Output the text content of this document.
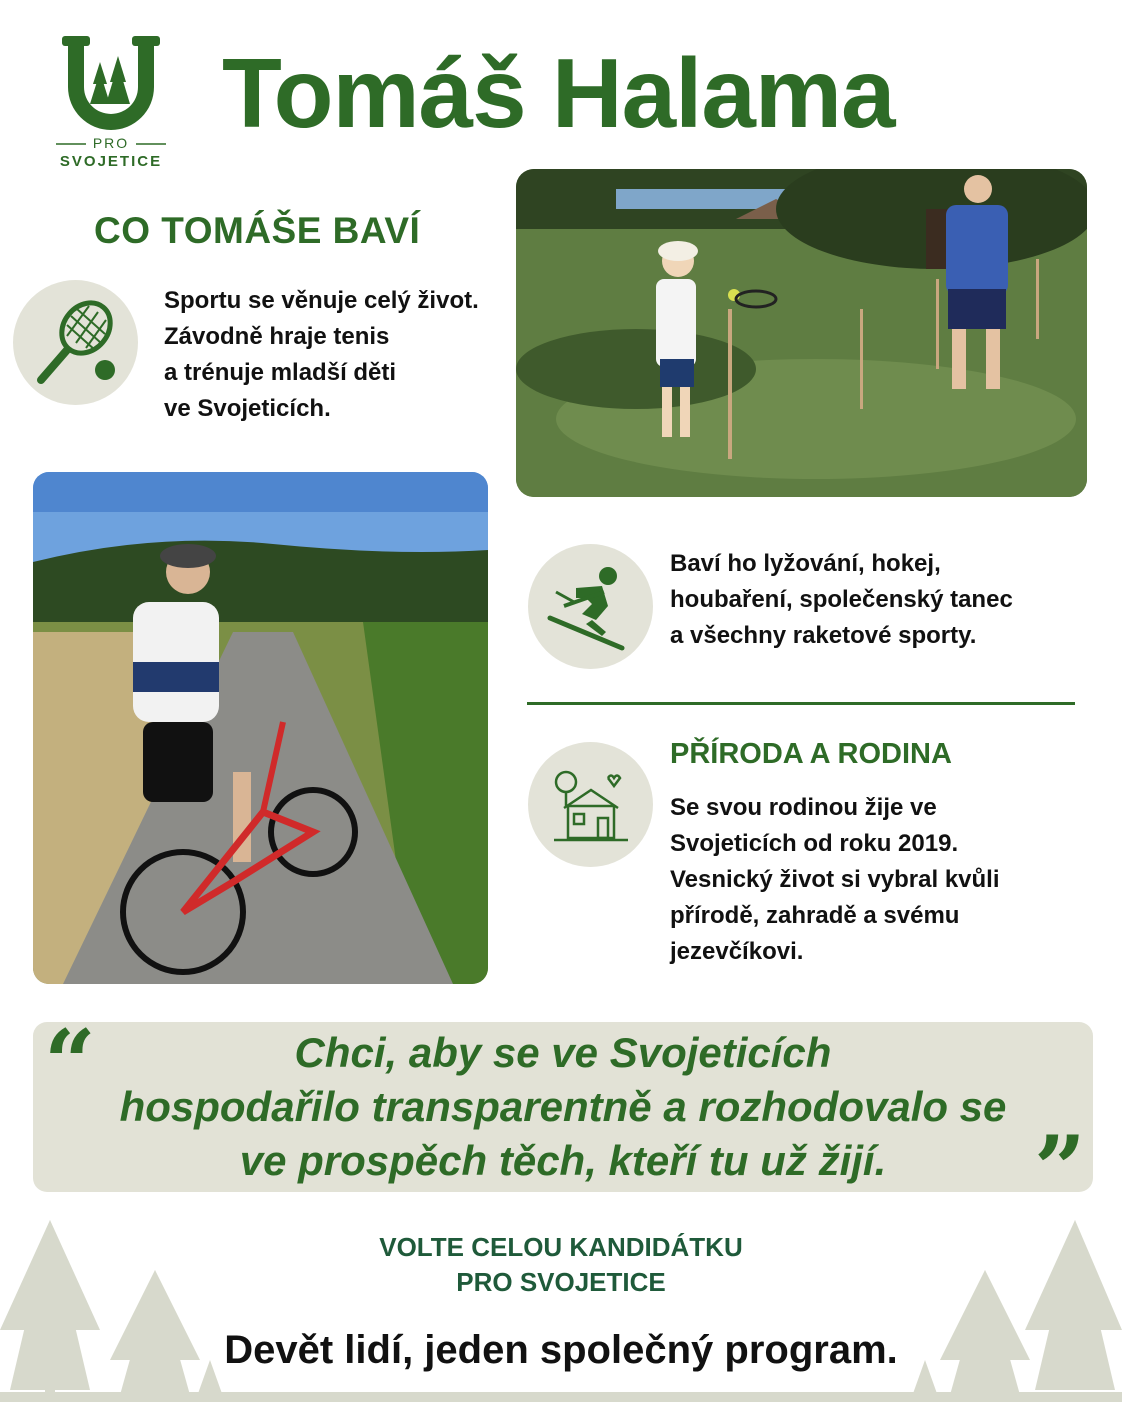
PRO
SVOJETICE
Tomáš Halama
CO TOMÁŠE BAVÍ
Sportu se věnuje celý život.
Závodně hraje tenis
a trénuje mladší děti
ve Svojeticích.
Baví ho lyžování, hokej,
houbaření, společenský tanec
a všechny raketové sporty.
PŘÍRODA A RODINA
Se svou rodinou žije ve
Svojeticích od roku 2019.
Vesnický život si vybral kvůli
přírodě, zahradě a svému
jezevčíkovi.
“	Chci, aby se ve Svojeticích
hospodařilo transparentně a rozhodovalo se
ve prospěch těch, kteří tu už žijí.	”
VOLTE CELOU KANDIDÁTKU
PRO SVOJETICE
Devět lidí, jeden společný program.
